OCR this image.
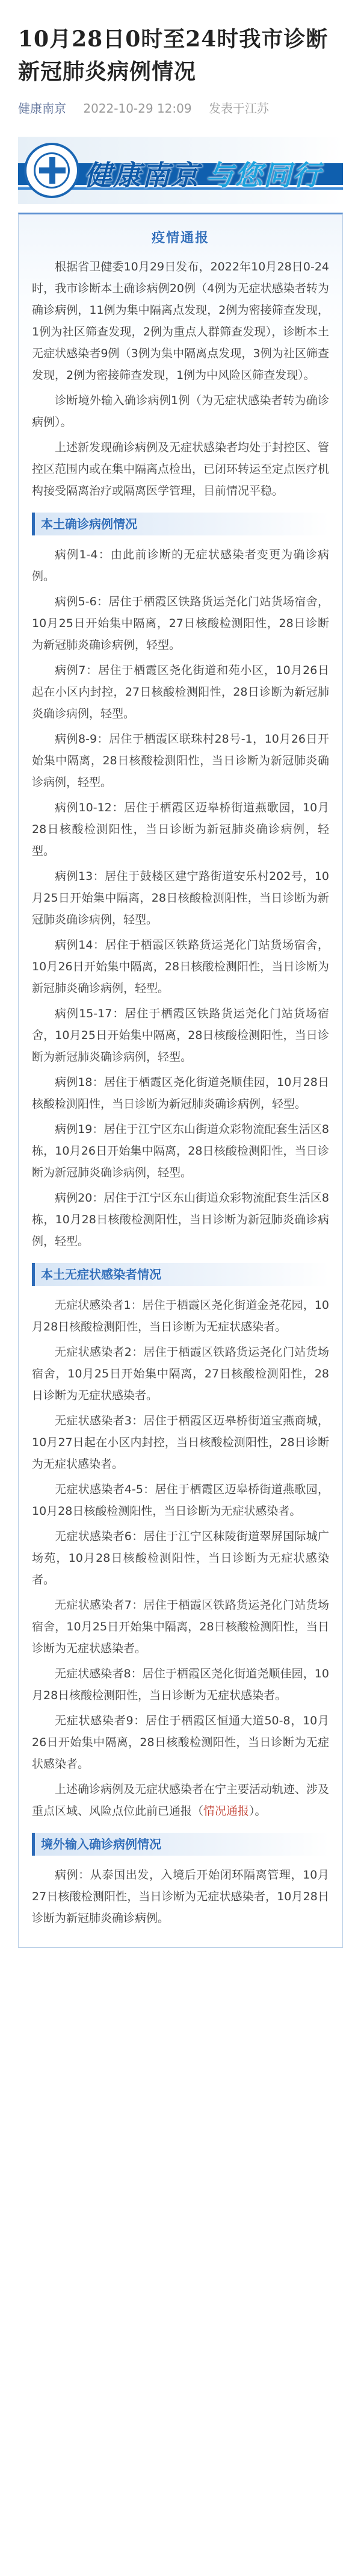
10月28日0时至24时我市诊断新冠肺炎病例情况
健康南京 2022-10-29 12:09 发表于江苏
健康南京 与您同行
疫情通报

根据省卫健委10月29日发布，2022年10月28日0-24时，我市诊断本土确诊病例20例（4例为无症状感染者转为确诊病例，11例为集中隔离点发现，2例为密接筛查发现，1例为社区筛查发现，2例为重点人群筛查发现），诊断本土无症状感染者9例（3例为集中隔离点发现，3例为社区筛查发现，2例为密接筛查发现，1例为中风险区筛查发现）。

诊断境外输入确诊病例1例（为无症状感染者转为确诊病例）。

上述新发现确诊病例及无症状感染者均处于封控区、管控区范围内或在集中隔离点检出，已闭环转运至定点医疗机构接受隔离治疗或隔离医学管理，目前情况平稳。

本土确诊病例情况

病例1-4：由此前诊断的无症状感染者变更为确诊病例。

病例5-6：居住于栖霞区铁路货运尧化门站货场宿舍，10月25日开始集中隔离，27日核酸检测阳性，28日诊断为新冠肺炎确诊病例，轻型。

病例7：居住于栖霞区尧化街道和苑小区，10月26日起在小区内封控，27日核酸检测阳性，28日诊断为新冠肺炎确诊病例，轻型。

病例8-9：居住于栖霞区联珠村28号-1，10月26日开始集中隔离，28日核酸检测阳性，当日诊断为新冠肺炎确诊病例，轻型。

病例10-12：居住于栖霞区迈皋桥街道燕歌园，10月28日核酸检测阳性，当日诊断为新冠肺炎确诊病例，轻型。

病例13：居住于鼓楼区建宁路街道安乐村202号，10月25日开始集中隔离，28日核酸检测阳性，当日诊断为新冠肺炎确诊病例，轻型。

病例14：居住于栖霞区铁路货运尧化门站货场宿舍，10月26日开始集中隔离，28日核酸检测阳性，当日诊断为新冠肺炎确诊病例，轻型。

病例15-17：居住于栖霞区铁路货运尧化门站货场宿舍，10月25日开始集中隔离，28日核酸检测阳性，当日诊断为新冠肺炎确诊病例，轻型。

病例18：居住于栖霞区尧化街道尧顺佳园，10月28日核酸检测阳性，当日诊断为新冠肺炎确诊病例，轻型。

病例19：居住于江宁区东山街道众彩物流配套生活区8栋，10月26日开始集中隔离，28日核酸检测阳性，当日诊断为新冠肺炎确诊病例，轻型。

病例20：居住于江宁区东山街道众彩物流配套生活区8栋，10月28日核酸检测阳性，当日诊断为新冠肺炎确诊病例，轻型。

本土无症状感染者情况

无症状感染者1：居住于栖霞区尧化街道金尧花园，10月28日核酸检测阳性，当日诊断为无症状感染者。

无症状感染者2：居住于栖霞区铁路货运尧化门站货场宿舍，10月25日开始集中隔离，27日核酸检测阳性，28日诊断为无症状感染者。

无症状感染者3：居住于栖霞区迈皋桥街道宝燕商城，10月27日起在小区内封控，当日核酸检测阳性，28日诊断为无症状感染者。

无症状感染者4-5：居住于栖霞区迈皋桥街道燕歌园，10月28日核酸检测阳性，当日诊断为无症状感染者。

无症状感染者6：居住于江宁区秣陵街道翠屏国际城广场苑，10月28日核酸检测阳性，当日诊断为无症状感染者。

无症状感染者7：居住于栖霞区铁路货运尧化门站货场宿舍，10月25日开始集中隔离，28日核酸检测阳性，当日诊断为无症状感染者。

无症状感染者8：居住于栖霞区尧化街道尧顺佳园，10月28日核酸检测阳性，当日诊断为无症状感染者。

无症状感染者9：居住于栖霞区恒通大道50-8，10月26日开始集中隔离，28日核酸检测阳性，当日诊断为无症状感染者。

上述确诊病例及无症状感染者在宁主要活动轨迹、涉及重点区域、风险点位此前已通报（情况通报）。

境外输入确诊病例情况

病例：从泰国出发，入境后开始闭环隔离管理，10月27日核酸检测阳性，当日诊断为无症状感染者，10月28日诊断为新冠肺炎确诊病例。
